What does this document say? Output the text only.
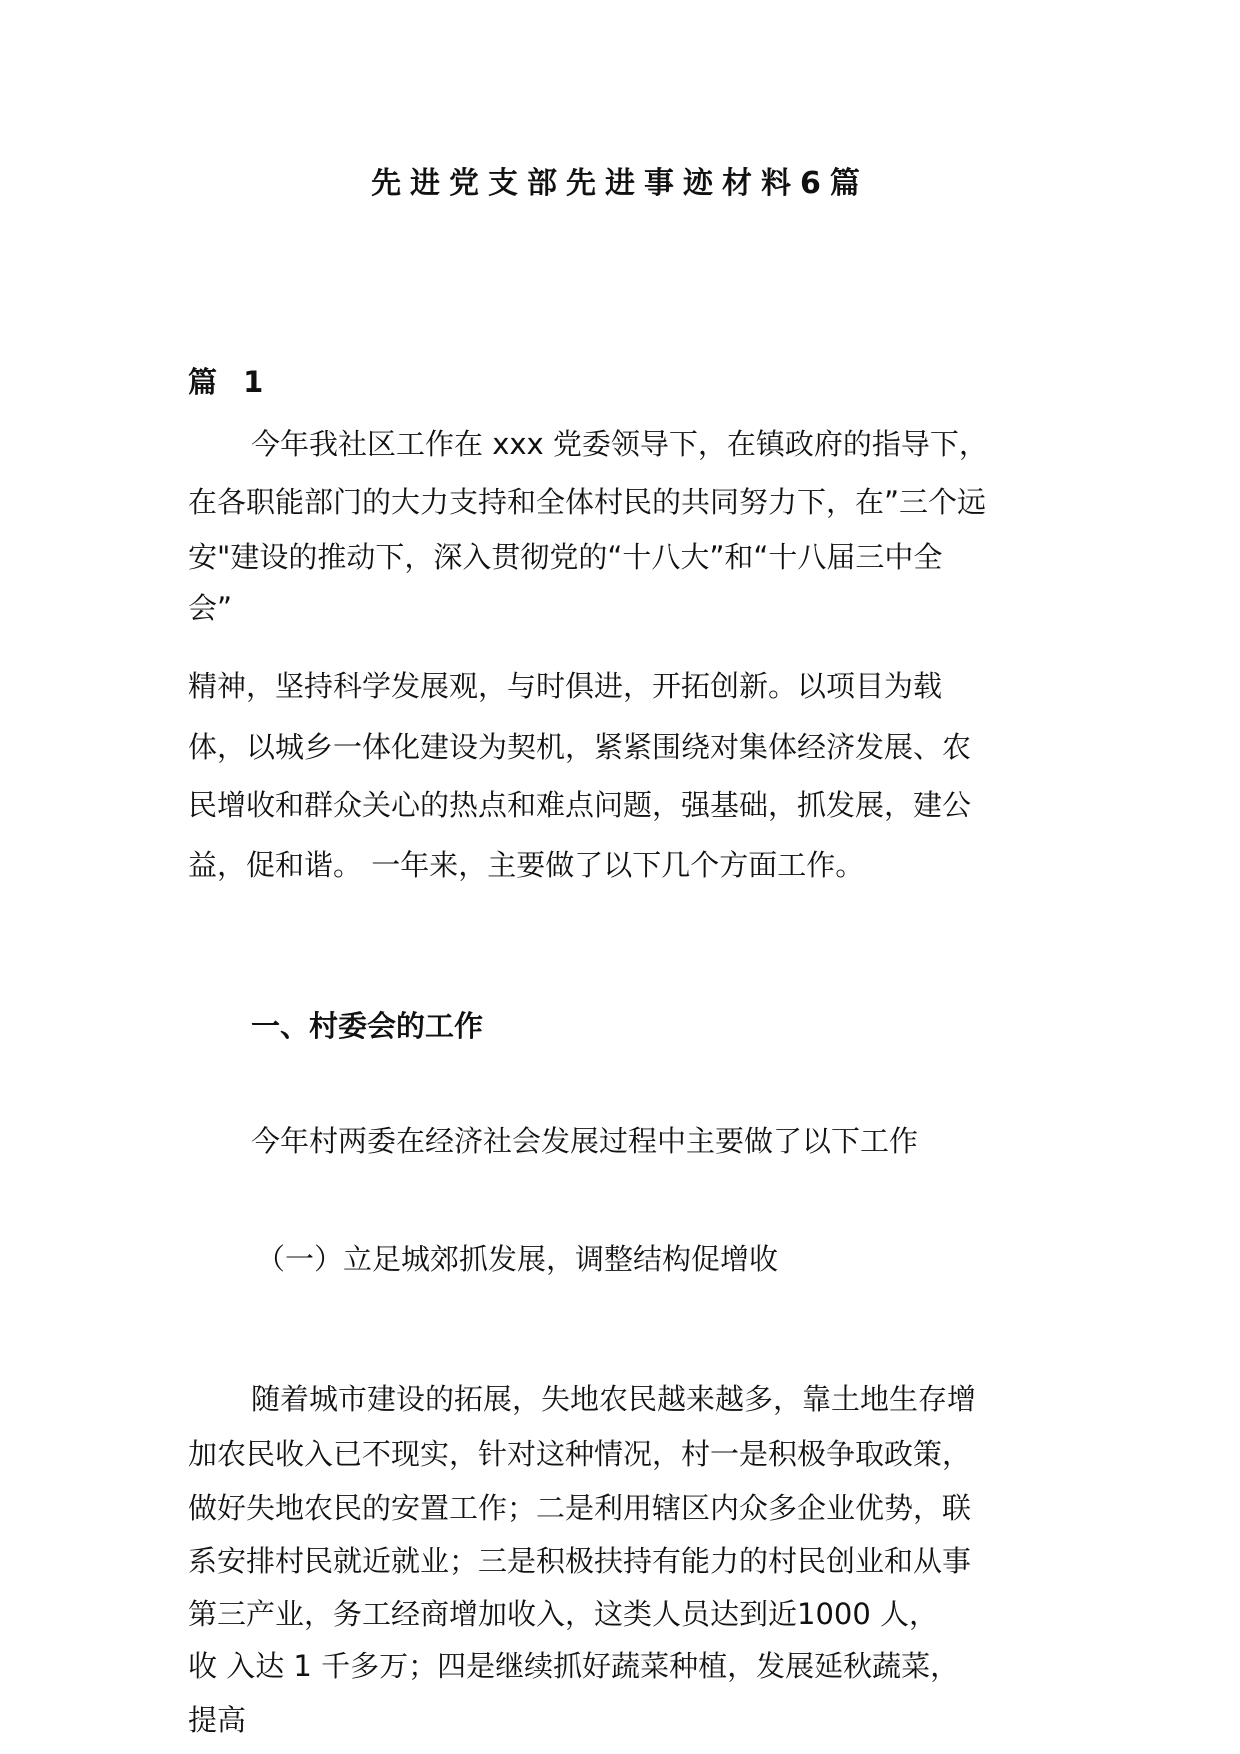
先进党支部先进事迹材料6篇
篇 1
今年我社区工作在 xxx 党委领导下，在镇政府的指导下，
在各职能部门的大力支持和全体村民的共同努力下，在”三个远
安"建设的推动下，深入贯彻党的“十八大”和“十八届三中全
会”
精神，坚持科学发展观，与时俱进，开拓创新。以项目为载
体，以城乡一体化建设为契机，紧紧围绕对集体经济发展、农
民增收和群众关心的热点和难点问题，强基础，抓发展，建公
益，促和谐。 一年来，主要做了以下几个方面工作。
一、村委会的工作
今年村两委在经济社会发展过程中主要做了以下工作
（一）立足城郊抓发展，调整结构促增收
随着城市建设的拓展，失地农民越来越多，靠土地生存增
加农民收入已不现实，针对这种情况，村一是积极争取政策，
做好失地农民的安置工作；二是利用辖区内众多企业优势，联
系安排村民就近就业；三是积极扶持有能力的村民创业和从事
第三产业，务工经商增加收入，这类人员达到近1000 人，
收 入达 1 千多万；四是继续抓好蔬菜种植，发展延秋蔬菜，
提高
